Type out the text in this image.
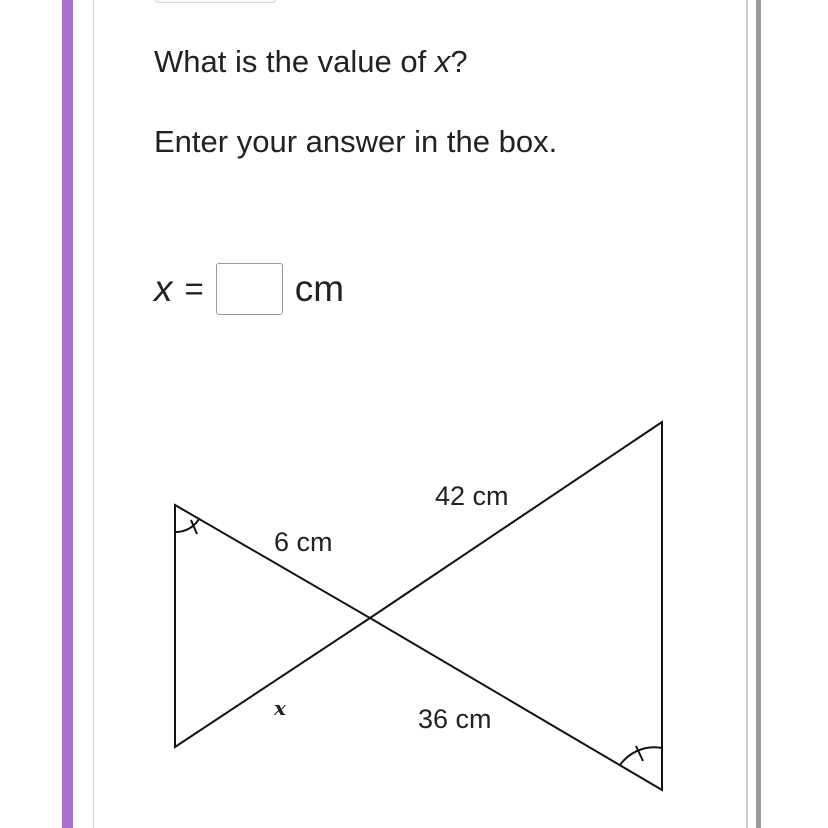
What is the value of x?
Enter your answer in the box.
x = cm
42 cm
6 cm
x	36 cm
